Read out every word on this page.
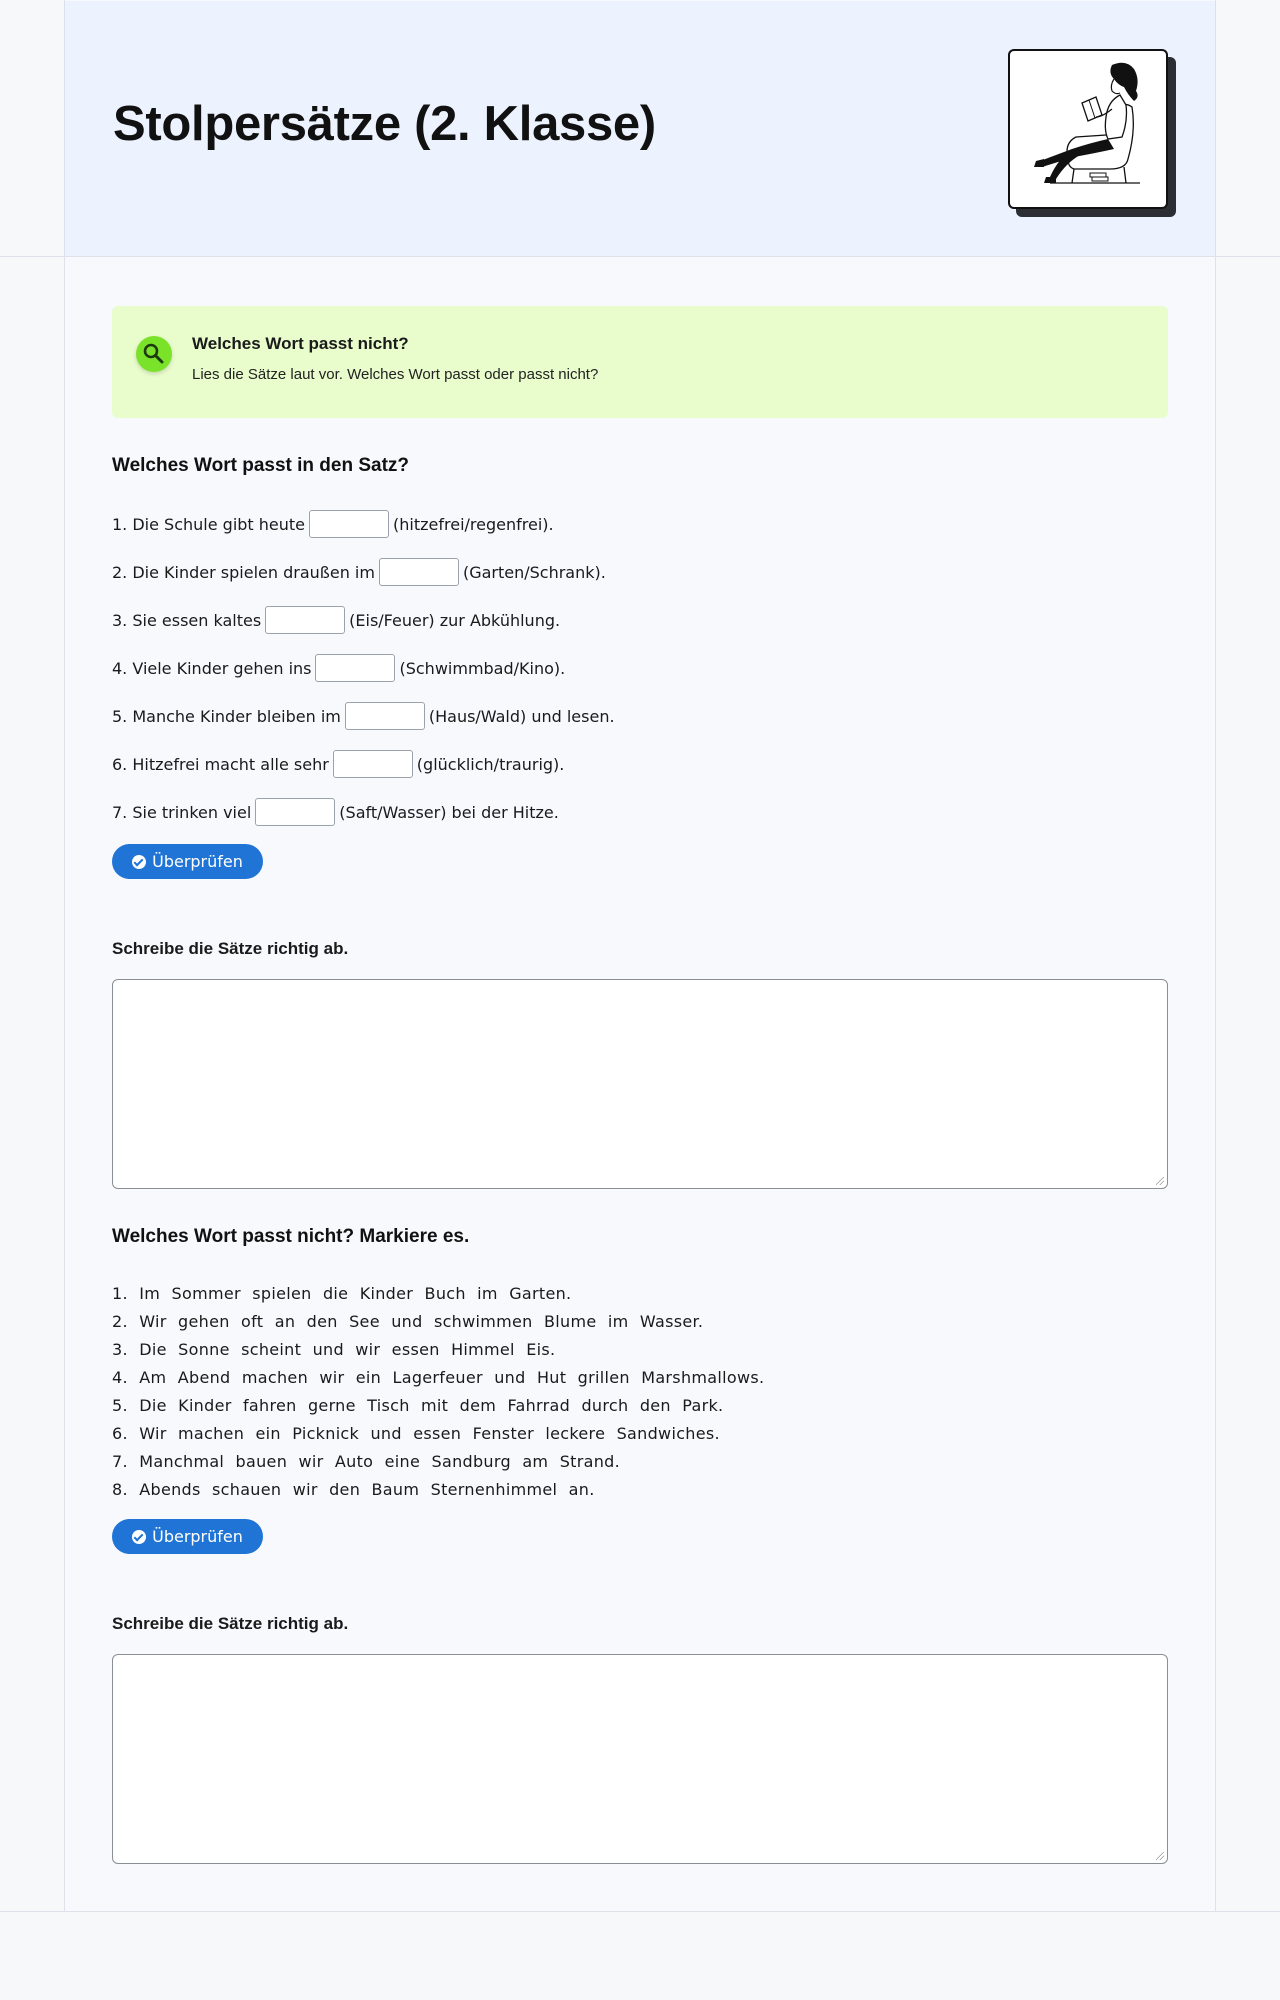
Stolpersätze (2. Klasse)
Welches Wort passt nicht?
Lies die Sätze laut vor. Welches Wort passt oder passt nicht?
Welches Wort passt in den Satz?
1. Die Schule gibt heute	(hitzefrei/regenfrei).
2. Die Kinder spielen draußen im	(Garten/Schrank).
3. Sie essen kaltes	(Eis/Feuer) zur Abkühlung.
4. Viele Kinder gehen ins	(Schwimmbad/Kino).
5. Manche Kinder bleiben im	(Haus/Wald) und lesen.
6. Hitzefrei macht alle sehr	(glücklich/traurig).
7. Sie trinken viel	(Saft/Wasser) bei der Hitze.
Überprüfen
Schreibe die Sätze richtig ab.
Welches Wort passt nicht? Markiere es.
1. Im Sommer spielen die Kinder Buch im Garten.
2. Wir gehen oft an den See und schwimmen Blume im Wasser.
3. Die Sonne scheint und wir essen Himmel Eis.
4. Am Abend machen wir ein Lagerfeuer und Hut grillen Marshmallows.
5. Die Kinder fahren gerne Tisch mit dem Fahrrad durch den Park.
6. Wir machen ein Picknick und essen Fenster leckere Sandwiches.
7. Manchmal bauen wir Auto eine Sandburg am Strand.
8. Abends schauen wir den Baum Sternenhimmel an.
Überprüfen
Schreibe die Sätze richtig ab.
